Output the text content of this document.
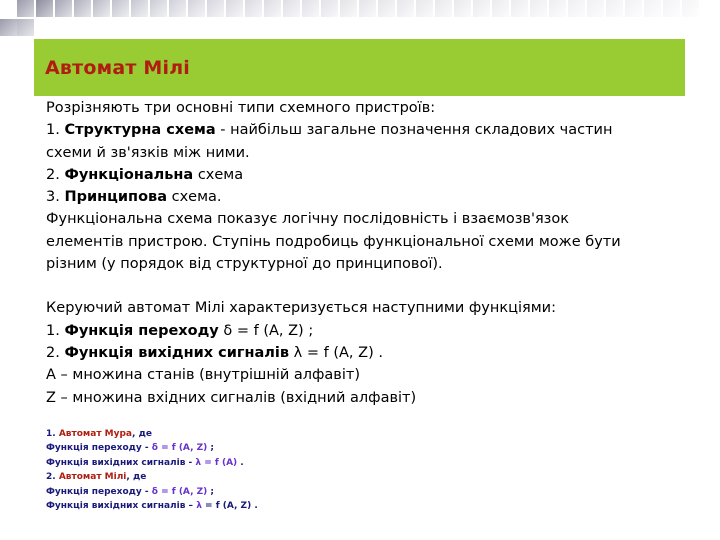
Автомат Мілі
Розрізняють три основні типи схемного пристроїв:
1. Структурна схема - найбільш загальне позначення складових частин
схеми й зв'язків між ними.
2. Функціональна схема
3. Принципова схема.
Функціональна схема показує логічну послідовність і взаємозв'язок
елементів пристрою. Ступінь подробиць функціональної схеми може бути
різним (у порядок від структурної до принципової).
Керуючий автомат Мілі характеризується наступними функціями:
1. Функція переходу δ = f (A, Z) ;
2. Функція вихідних сигналів λ = f (A, Z) .
A – множина станів (внутрішній алфавіт)
Z – множина вхідних сигналів (вхідний алфавіт)
1. Автомат Мура, де
Функція переходу - δ = f (A, Z) ;
Функція вихідних сигналів - λ = f (A) .
2. Автомат Мілі, де
Функція переходу - δ = f (A, Z) ;
Функція вихідних сигналів – λ = f (A, Z) .
